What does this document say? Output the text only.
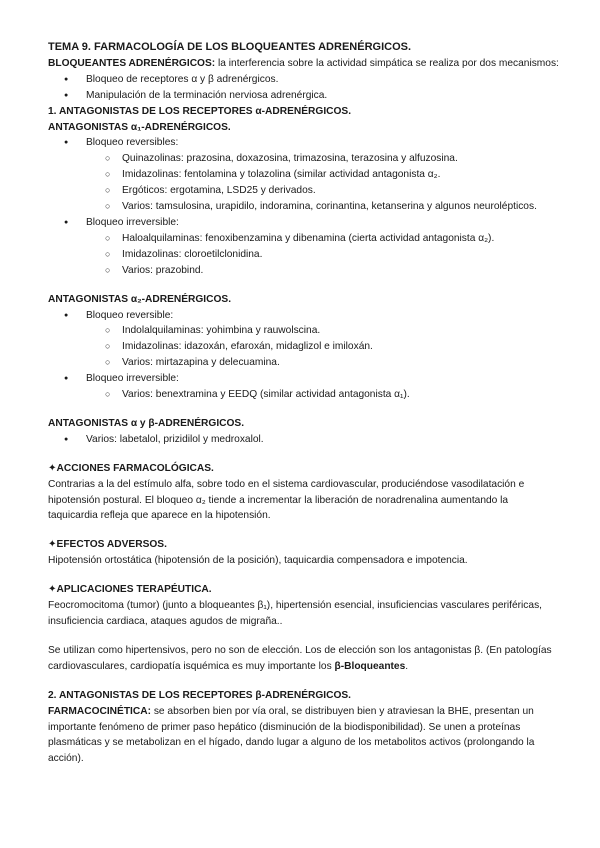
TEMA 9. FARMACOLOGÍA DE LOS BLOQUEANTES ADRENÉRGICOS.

BLOQUEANTES ADRENÉRGICOS: la interferencia sobre la actividad simpática se realiza por dos mecanismos:

● Bloqueo de receptores α y β adrenérgicos.
● Manipulación de la terminación nerviosa adrenérgica.

1. ANTAGONISTAS DE LOS RECEPTORES α-ADRENÉRGICOS.

ANTAGONISTAS α₁-ADRENÉRGICOS.

● Bloqueo reversibles:
○ Quinazolinas: prazosina, doxazosina, trimazosina, terazosina y alfuzosina.
○ Imidazolinas: fentolamina y tolazolina (similar actividad antagonista α₂.
○ Ergóticos: ergotamina, LSD25 y derivados.
○ Varios: tamsulosina, urapidilo, indoramina, corinantina, ketanserina y algunos neurolépticos.
● Bloqueo irreversible:
○ Haloalquilaminas: fenoxibenzamina y dibenamina (cierta actividad antagonista α₂).
○ Imidazolinas: cloroetilclonidina.
○ Varios: prazobind.

ANTAGONISTAS α₂-ADRENÉRGICOS.

● Bloqueo reversible:
○ Indolalquilaminas: yohimbina y rauwolscina.
○ Imidazolinas: idazoxán, efaroxán, midaglizol e imiloxán.
○ Varios: mirtazapina y delecuamina.
● Bloqueo irreversible:
○ Varios: benextramina y EEDQ (similar actividad antagonista α₁).

ANTAGONISTAS α y β-ADRENÉRGICOS.

● Varios: labetalol, prizidilol y medroxalol.

✦ACCIONES FARMACOLÓGICAS.

Contrarias a la del estímulo alfa, sobre todo en el sistema cardiovascular, produciéndose vasodilatación e hipotensión postural. El bloqueo α₂ tiende a incrementar la liberación de noradrenalina aumentando la taquicardia refleja que aparece en la hipotensión.

✦EFECTOS ADVERSOS.

Hipotensión ortostática (hipotensión de la posición), taquicardia compensadora e impotencia.

✦APLICACIONES TERAPÉUTICA.

Feocromocitoma (tumor) (junto a bloqueantes β₁), hipertensión esencial, insuficiencias vasculares periféricas, insuficiencia cardiaca, ataques agudos de migraña..

Se utilizan como hipertensivos, pero no son de elección. Los de elección son los antagonistas β. (En patologías cardiovasculares, cardiopatía isquémica es muy importante los β-Bloqueantes.

2. ANTAGONISTAS DE LOS RECEPTORES β-ADRENÉRGICOS.

FARMACOCINÉTICA: se absorben bien por vía oral, se distribuyen bien y atraviesan la BHE, presentan un importante fenómeno de primer paso hepático (disminución de la biodisponibilidad). Se unen a proteínas plasmáticas y se metabolizan en el hígado, dando lugar a alguno de los metabolitos activos (prolongando la acción).
